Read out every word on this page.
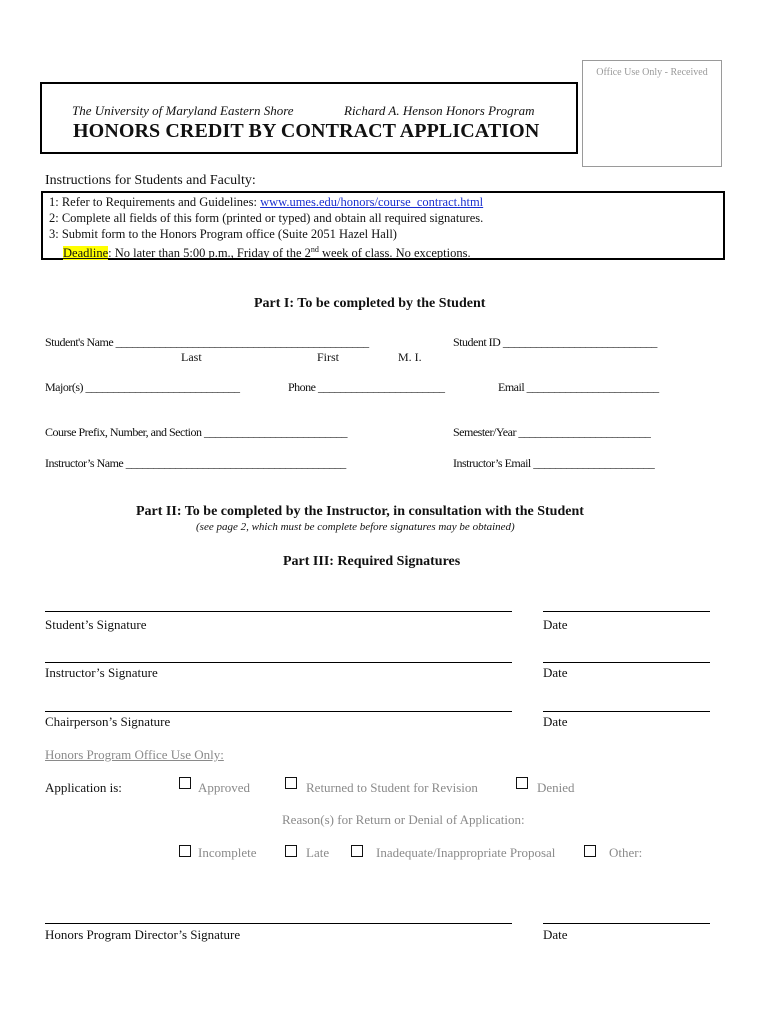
Office Use Only - Received
The University of Maryland Eastern Shore	Richard A. Henson Honors Program
HONORS CREDIT BY CONTRACT APPLICATION
Instructions for Students and Faculty:
1: Refer to Requirements and Guidelines: www.umes.edu/honors/course_contract.html
2: Complete all fields of this form (printed or typed) and obtain all required signatures.
3: Submit form to the Honors Program office (Suite 2051 Hazel Hall)
Deadline: No later than 5:00 p.m., Friday of the 2nd week of class. No exceptions.
Part I: To be completed by the Student
Student's Name ______________________________________________	Student ID ____________________________
Last	First	M. I.
Major(s) ____________________________	Phone _______________________	Email ________________________
Course Prefix, Number, and Section __________________________	Semester/Year ________________________
Instructor’s Name ________________________________________	Instructor’s Email ______________________
Part II: To be completed by the Instructor, in consultation with the Student
(see page 2, which must be complete before signatures may be obtained)
Part III: Required Signatures
Student’s Signature	Date
Instructor’s Signature	Date
Chairperson’s Signature	Date
Honors Program Office Use Only:
Application is:	Approved	Returned to Student for Revision	Denied
Reason(s) for Return or Denial of Application:
Incomplete	Late	Inadequate/Inappropriate Proposal	Other:
Honors Program Director’s Signature	Date
